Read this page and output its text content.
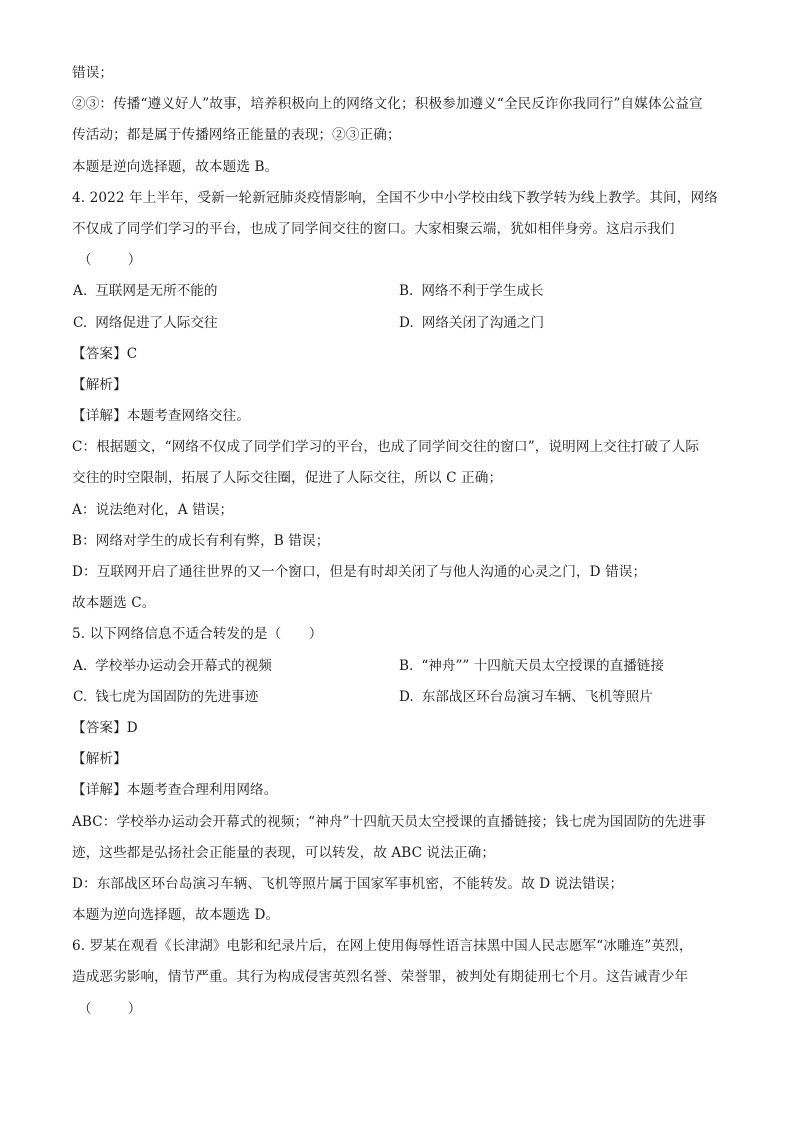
错误；
②③：传播“遵义好人”故事，培养积极向上的网络文化；积极参加遵义“全民反诈你我同行”自媒体公益宣
传活动；都是属于传播网络正能量的表现；②③正确；
本题是逆向选择题，故本题选 B。
4. 2022 年上半年，受新一轮新冠肺炎疫情影响，全国不少中小学校由线下教学转为线上教学。其间，网络
不仅成了同学们学习的平台，也成了同学间交往的窗口。大家相聚云端，犹如相伴身旁。这启示我们
（　　）
A. 互联网是无所不能的	B. 网络不利于学生成长
C. 网络促进了人际交往	D. 网络关闭了沟通之门
【答案】C
【解析】
【详解】本题考查网络交往。
C：根据题文，“网络不仅成了同学们学习的平台，也成了同学间交往的窗口”，说明网上交往打破了人际
交往的时空限制，拓展了人际交往圈，促进了人际交往，所以 C 正确；
A：说法绝对化，A 错误；
B：网络对学生的成长有利有弊，B 错误；
D：互联网开启了通往世界的又一个窗口，但是有时却关闭了与他人沟通的心灵之门，D 错误；
故本题选 C。
5. 以下网络信息不适合转发的是（　　）
A. 学校举办运动会开幕式的视频	B. “神舟”” 十四航天员太空授课的直播链接
C. 钱七虎为国固防的先进事迹	D. 东部战区环台岛演习车辆、飞机等照片
【答案】D
【解析】
【详解】本题考查合理利用网络。
ABC：学校举办运动会开幕式的视频；“神舟”十四航天员太空授课的直播链接；钱七虎为国固防的先进事
迹，这些都是弘扬社会正能量的表现，可以转发，故 ABC 说法正确；
D：东部战区环台岛演习车辆、飞机等照片属于国家军事机密，不能转发。故 D 说法错误；
本题为逆向选择题，故本题选 D。
6. 罗某在观看《长津湖》电影和纪录片后，在网上使用侮辱性语言抹黑中国人民志愿军“冰雕连”英烈，
造成恶劣影响，情节严重。其行为构成侵害英烈名誉、荣誉罪，被判处有期徒刑七个月。这告诫青少年
（　　）
